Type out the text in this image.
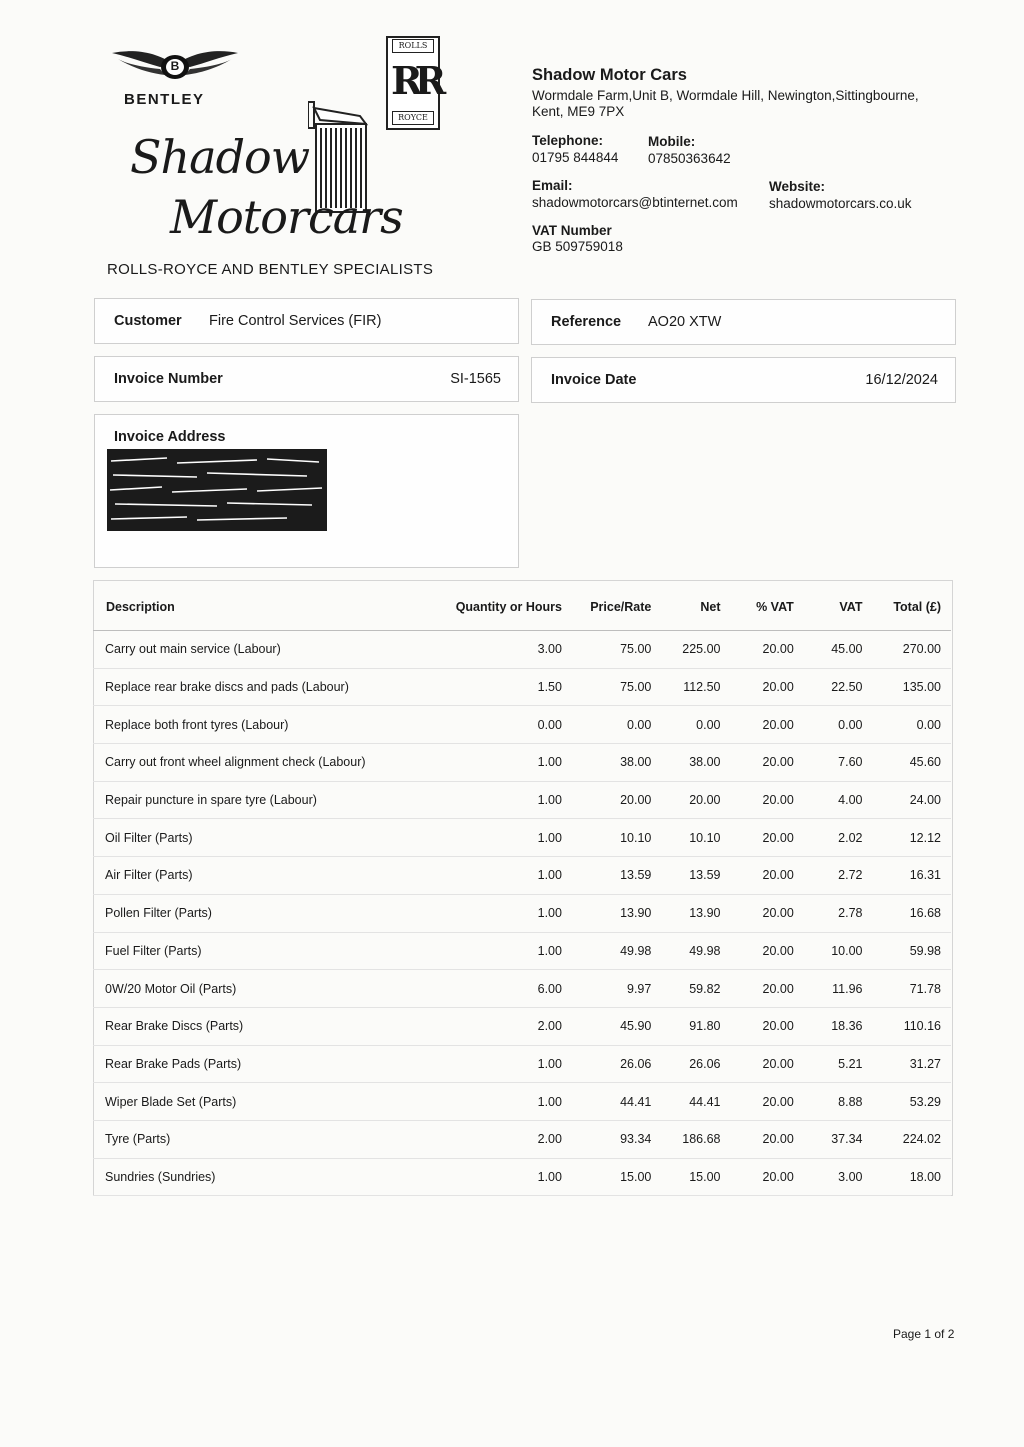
B
BENTLEY
ROLLS
RR
ROYCE
Shadow
Motorcars
ROLLS-ROYCE AND BENTLEY SPECIALISTS
Shadow Motor Cars
Wormdale Farm,Unit B, Wormdale Hill, Newington,Sittingbourne,
Kent, ME9 7PX
Telephone:
01795 844844
Mobile:
07850363642
Email:
shadowmotorcars@btinternet.com
Website:
shadowmotorcars.co.uk
VAT Number
GB 509759018
Customer Fire Control Services (FIR)	Reference AO20 XTW
Invoice Number	SI-1565	Invoice Date	16/12/2024
Invoice Address
Description	Quantity or Hours	Price/Rate	Net	% VAT	VAT	Total (£)
Carry out main service (Labour)	3.00	75.00	225.00	20.00	45.00	270.00
Replace rear brake discs and pads (Labour)	1.50	75.00	112.50	20.00	22.50	135.00
Replace both front tyres (Labour)	0.00	0.00	0.00	20.00	0.00	0.00
Carry out front wheel alignment check (Labour)	1.00	38.00	38.00	20.00	7.60	45.60
Repair puncture in spare tyre (Labour)	1.00	20.00	20.00	20.00	4.00	24.00
Oil Filter (Parts)	1.00	10.10	10.10	20.00	2.02	12.12
Air Filter (Parts)	1.00	13.59	13.59	20.00	2.72	16.31
Pollen Filter (Parts)	1.00	13.90	13.90	20.00	2.78	16.68
Fuel Filter (Parts)	1.00	49.98	49.98	20.00	10.00	59.98
0W/20 Motor Oil (Parts)	6.00	9.97	59.82	20.00	11.96	71.78
Rear Brake Discs (Parts)	2.00	45.90	91.80	20.00	18.36	110.16
Rear Brake Pads (Parts)	1.00	26.06	26.06	20.00	5.21	31.27
Wiper Blade Set (Parts)	1.00	44.41	44.41	20.00	8.88	53.29
Tyre (Parts)	2.00	93.34	186.68	20.00	37.34	224.02
Sundries (Sundries)	1.00	15.00	15.00	20.00	3.00	18.00
Page 1 of 2
